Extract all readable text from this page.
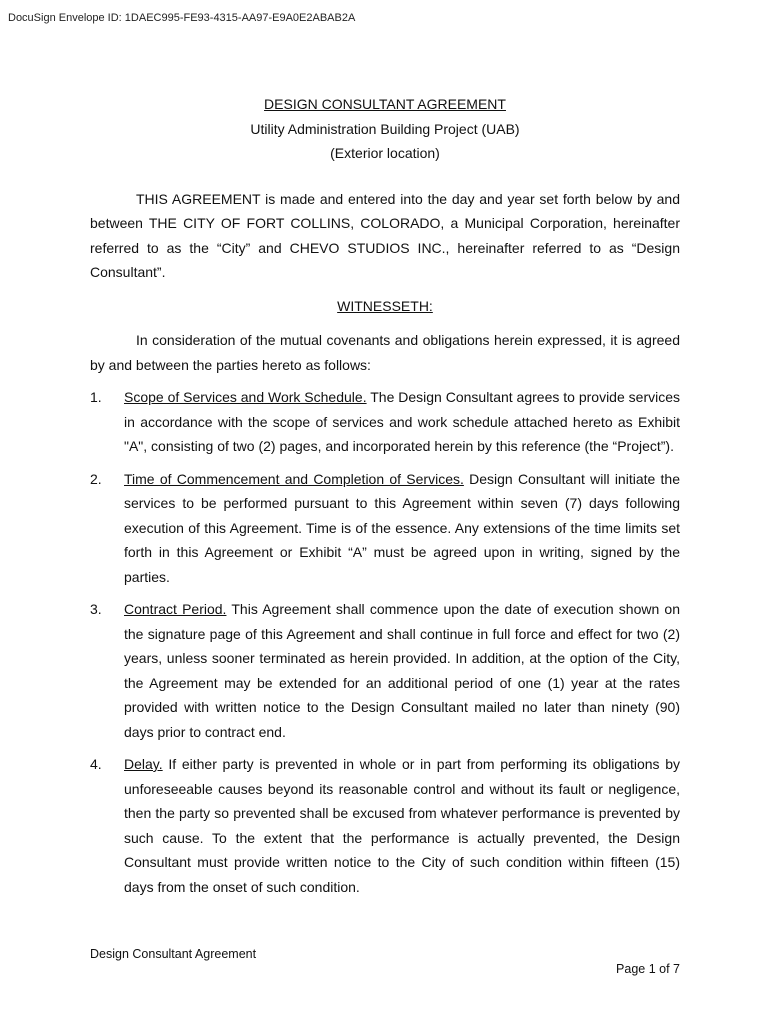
DocuSign Envelope ID: 1DAEC995-FE93-4315-AA97-E9A0E2ABAB2A

DESIGN CONSULTANT AGREEMENT

Utility Administration Building Project (UAB)

(Exterior location)

THIS AGREEMENT is made and entered into the day and year set forth below by and between THE CITY OF FORT COLLINS, COLORADO, a Municipal Corporation, hereinafter referred to as the “City” and CHEVO STUDIOS INC., hereinafter referred to as “Design Consultant”.

WITNESSETH:

In consideration of the mutual covenants and obligations herein expressed, it is agreed by and between the parties hereto as follows:

1. Scope of Services and Work Schedule. The Design Consultant agrees to provide services in accordance with the scope of services and work schedule attached hereto as Exhibit "A", consisting of two (2) pages, and incorporated herein by this reference (the “Project”).
2. Time of Commencement and Completion of Services. Design Consultant will initiate the services to be performed pursuant to this Agreement within seven (7) days following execution of this Agreement. Time is of the essence. Any extensions of the time limits set forth in this Agreement or Exhibit “A” must be agreed upon in writing, signed by the parties.
3. Contract Period. This Agreement shall commence upon the date of execution shown on the signature page of this Agreement and shall continue in full force and effect for two (2) years, unless sooner terminated as herein provided. In addition, at the option of the City, the Agreement may be extended for an additional period of one (1) year at the rates provided with written notice to the Design Consultant mailed no later than ninety (90) days prior to contract end.
4. Delay. If either party is prevented in whole or in part from performing its obligations by unforeseeable causes beyond its reasonable control and without its fault or negligence, then the party so prevented shall be excused from whatever performance is prevented by such cause. To the extent that the performance is actually prevented, the Design Consultant must provide written notice to the City of such condition within fifteen (15) days from the onset of such condition.
Design Consultant Agreement
Page 1 of 7
